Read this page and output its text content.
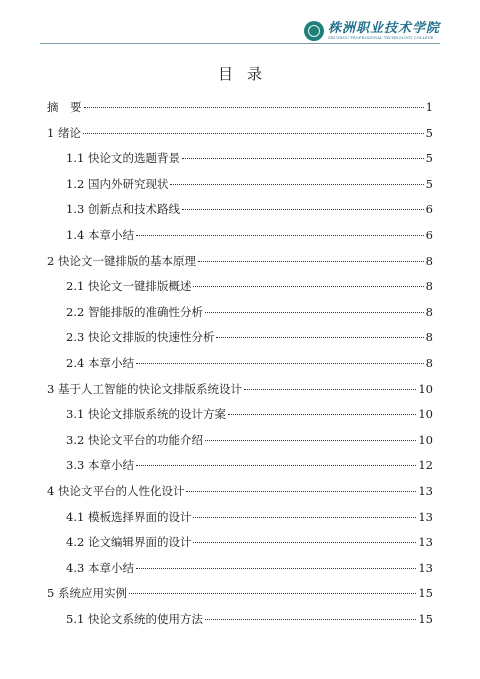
株洲职业技术学院
ZHUZHOU PROFESSIONAL TECHNOLOGY COLLEGE
目录
摘　要	1
1 绪论	5
1.1 快论文的选题背景	5
1.2 国内外研究现状	5
1.3 创新点和技术路线	6
1.4 本章小结	6
2 快论文一键排版的基本原理	8
2.1 快论文一键排版概述	8
2.2 智能排版的准确性分析	8
2.3 快论文排版的快速性分析	8
2.4 本章小结	8
3 基于人工智能的快论文排版系统设计	10
3.1 快论文排版系统的设计方案	10
3.2 快论文平台的功能介绍	10
3.3 本章小结	12
4 快论文平台的人性化设计	13
4.1 模板选择界面的设计	13
4.2 论文编辑界面的设计	13
4.3 本章小结	13
5 系统应用实例	15
5.1 快论文系统的使用方法	15
